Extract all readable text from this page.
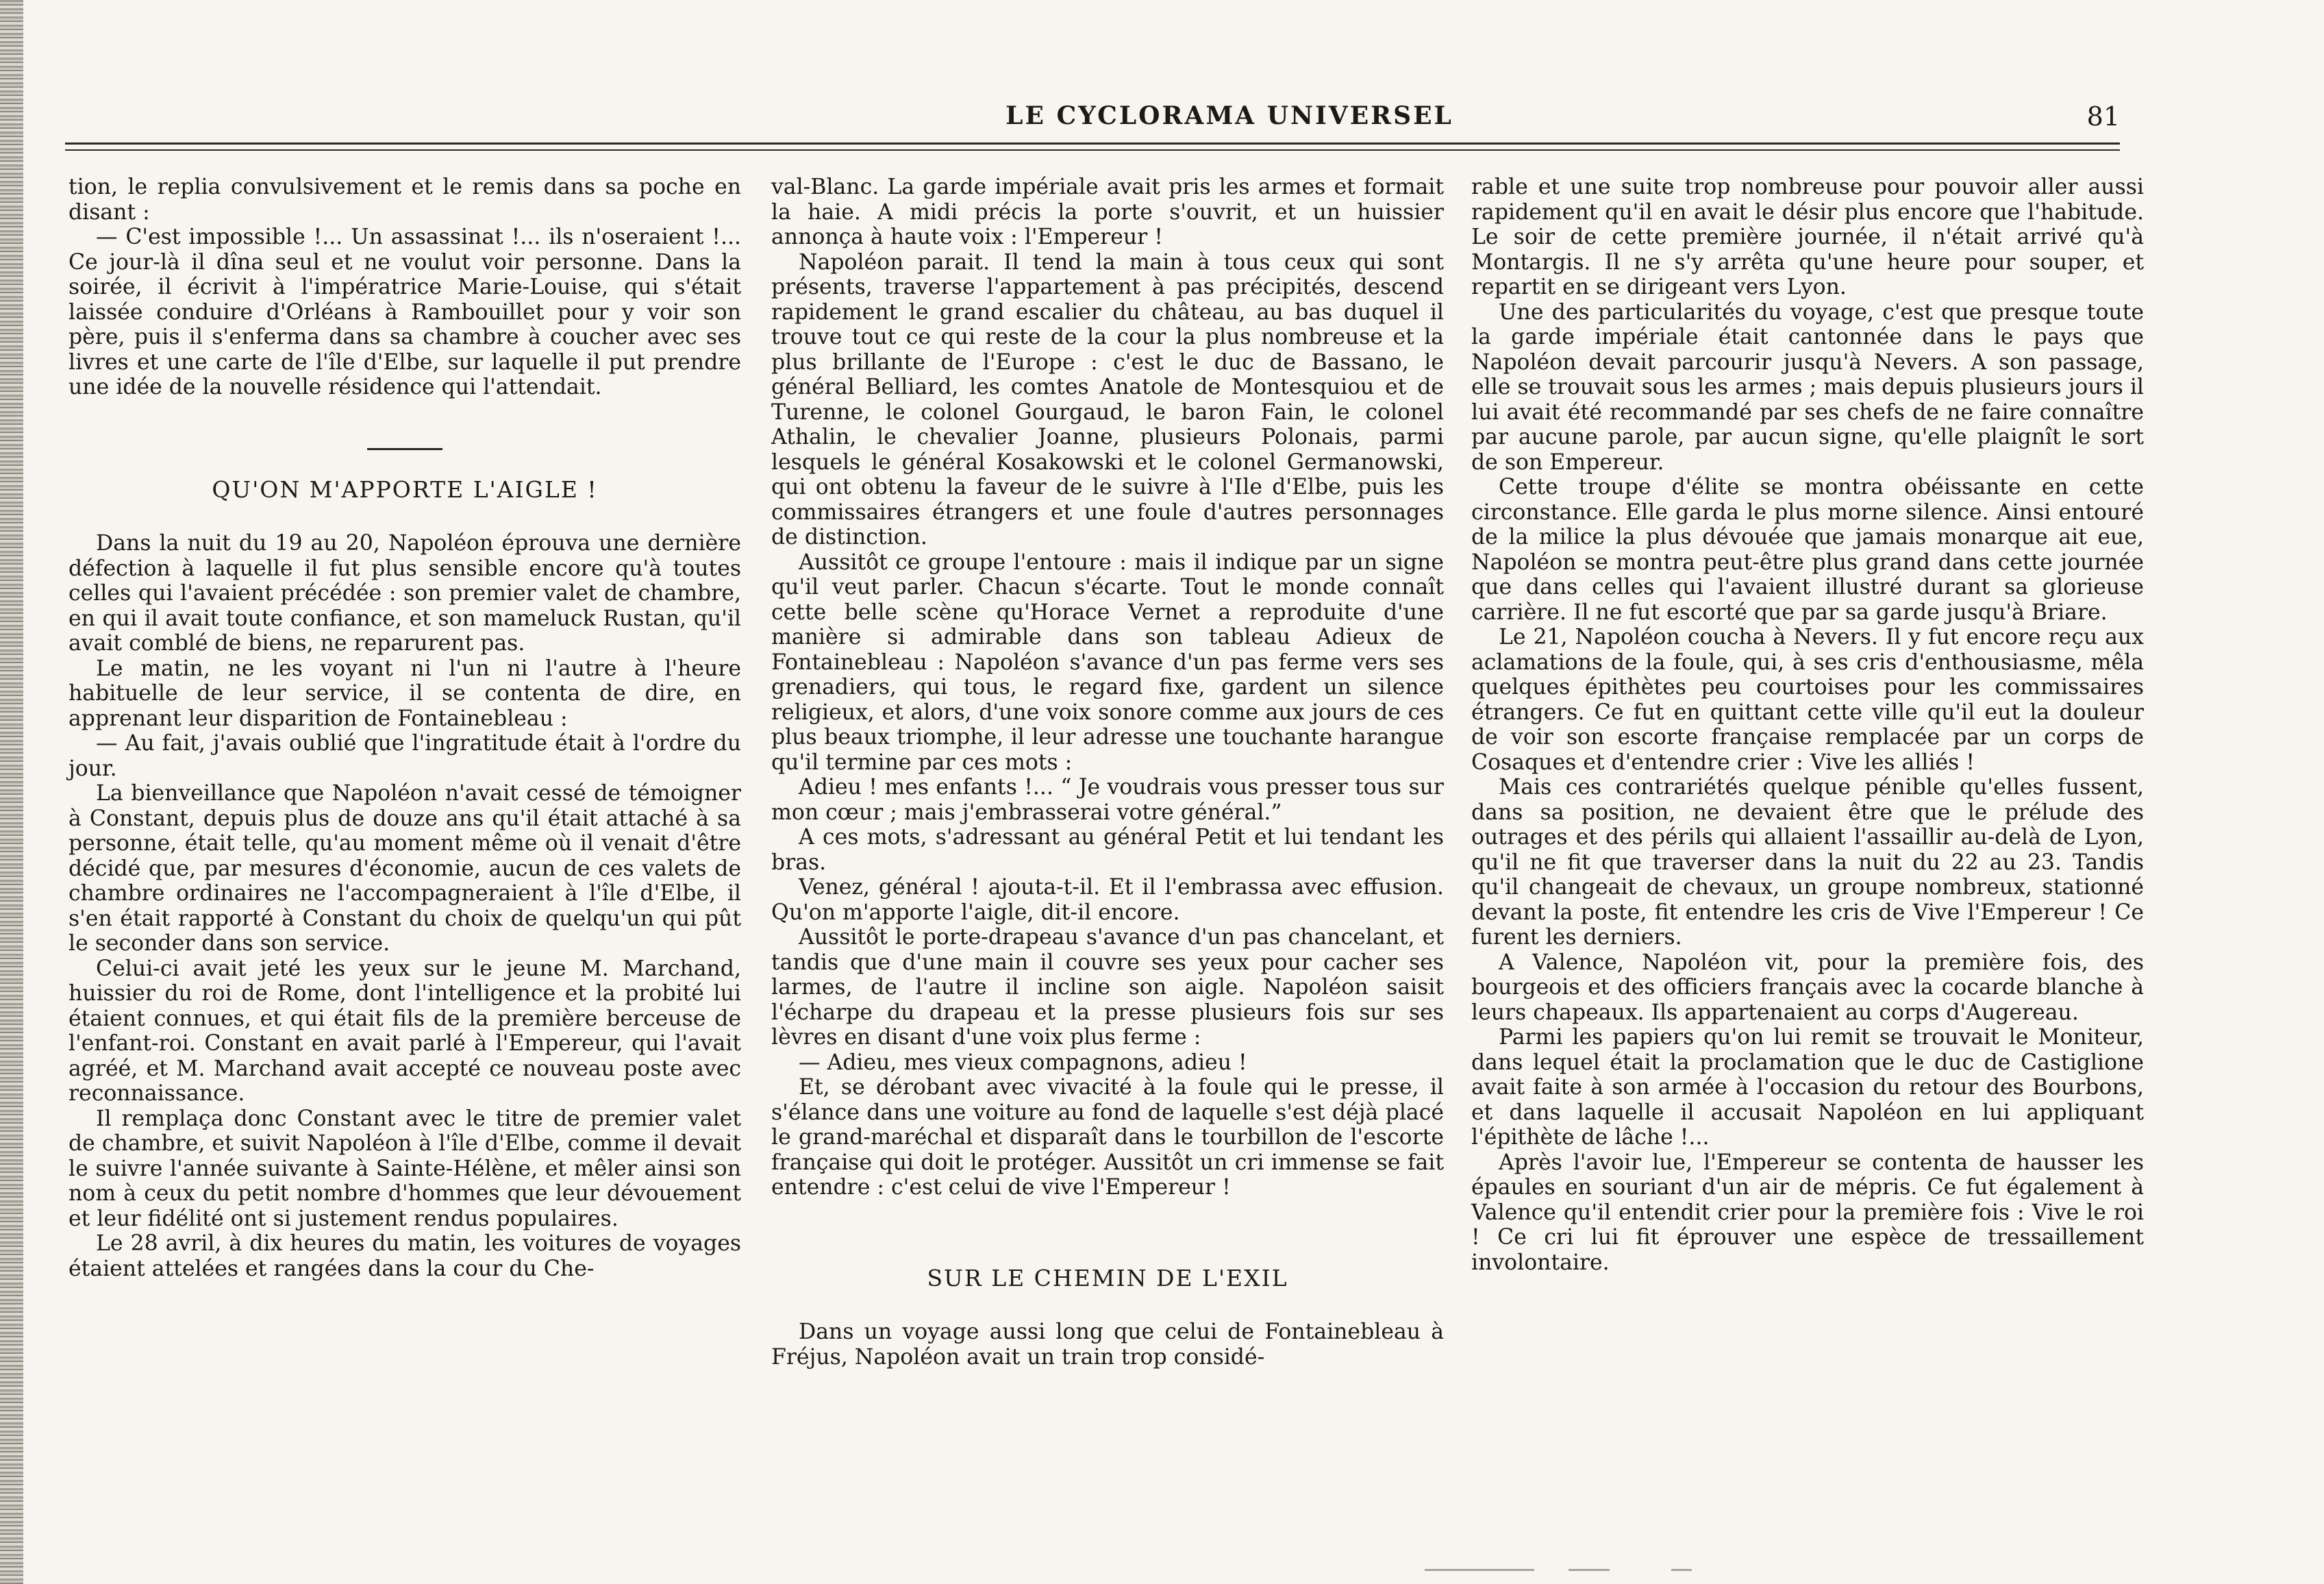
LE CYCLORAMA UNIVERSEL	81

tion, le replia convulsivement et le remis dans sa poche en disant :

— C'est impossible !... Un assassinat !... ils n'oseraient !... Ce jour-là il dîna seul et ne voulut voir personne. Dans la soirée, il écrivit à l'impératrice Marie-Louise, qui s'était laissée conduire d'Orléans à Rambouillet pour y voir son père, puis il s'enferma dans sa chambre à coucher avec ses livres et une carte de l'île d'Elbe, sur laquelle il put prendre une idée de la nouvelle résidence qui l'attendait.

QU'ON M'APPORTE L'AIGLE !

Dans la nuit du 19 au 20, Napoléon éprouva une dernière défection à laquelle il fut plus sensible encore qu'à toutes celles qui l'avaient précédée : son premier valet de chambre, en qui il avait toute confiance, et son mameluck Rustan, qu'il avait comblé de biens, ne reparurent pas.

Le matin, ne les voyant ni l'un ni l'autre à l'heure habituelle de leur service, il se contenta de dire, en apprenant leur disparition de Fontainebleau :

— Au fait, j'avais oublié que l'ingratitude était à l'ordre du jour.

La bienveillance que Napoléon n'avait cessé de témoigner à Constant, depuis plus de douze ans qu'il était attaché à sa personne, était telle, qu'au moment même où il venait d'être décidé que, par mesures d'économie, aucun de ces valets de chambre ordinaires ne l'accompagneraient à l'île d'Elbe, il s'en était rapporté à Constant du choix de quelqu'un qui pût le seconder dans son service.

Celui-ci avait jeté les yeux sur le jeune M. Marchand, huissier du roi de Rome, dont l'intelligence et la probité lui étaient connues, et qui était fils de la première berceuse de l'enfant-roi. Constant en avait parlé à l'Empereur, qui l'avait agréé, et M. Marchand avait accepté ce nouveau poste avec reconnaissance.

Il remplaça donc Constant avec le titre de premier valet de chambre, et suivit Napoléon à l'île d'Elbe, comme il devait le suivre l'année suivante à Sainte-Hélène, et mêler ainsi son nom à ceux du petit nombre d'hommes que leur dévouement et leur fidélité ont si justement rendus populaires.

Le 28 avril, à dix heures du matin, les voitures de voyages étaient attelées et rangées dans la cour du Che-

val-Blanc. La garde impériale avait pris les armes et formait la haie. A midi précis la porte s'ouvrit, et un huissier annonça à haute voix : l'Empereur !

Napoléon parait. Il tend la main à tous ceux qui sont présents, traverse l'appartement à pas précipités, descend rapidement le grand escalier du château, au bas duquel il trouve tout ce qui reste de la cour la plus nombreuse et la plus brillante de l'Europe : c'est le duc de Bassano, le général Belliard, les comtes Anatole de Montesquiou et de Turenne, le colonel Gourgaud, le baron Fain, le colonel Athalin, le chevalier Joanne, plusieurs Polonais, parmi lesquels le général Kosakowski et le colonel Germanowski, qui ont obtenu la faveur de le suivre à l'Ile d'Elbe, puis les commissaires étrangers et une foule d'autres personnages de distinction.

Aussitôt ce groupe l'entoure : mais il indique par un signe qu'il veut parler. Chacun s'écarte. Tout le monde connaît cette belle scène qu'Horace Vernet a reproduite d'une manière si admirable dans son tableau Adieux de Fontainebleau : Napoléon s'avance d'un pas ferme vers ses grenadiers, qui tous, le regard fixe, gardent un silence religieux, et alors, d'une voix sonore comme aux jours de ces plus beaux triomphe, il leur adresse une touchante harangue qu'il termine par ces mots :

Adieu ! mes enfants !... “ Je voudrais vous presser tous sur mon cœur ; mais j'embrasserai votre général.”

A ces mots, s'adressant au général Petit et lui tendant les bras.

Venez, général ! ajouta-t-il. Et il l'embrassa avec effusion. Qu'on m'apporte l'aigle, dit-il encore.

Aussitôt le porte-drapeau s'avance d'un pas chancelant, et tandis que d'une main il couvre ses yeux pour cacher ses larmes, de l'autre il incline son aigle. Napoléon saisit l'écharpe du drapeau et la presse plusieurs fois sur ses lèvres en disant d'une voix plus ferme :

— Adieu, mes vieux compagnons, adieu !

Et, se dérobant avec vivacité à la foule qui le presse, il s'élance dans une voiture au fond de laquelle s'est déjà placé le grand-maréchal et disparaît dans le tourbillon de l'escorte française qui doit le protéger. Aussitôt un cri immense se fait entendre : c'est celui de vive l'Empereur !

SUR LE CHEMIN DE L'EXIL

Dans un voyage aussi long que celui de Fontainebleau à Fréjus, Napoléon avait un train trop considé-

rable et une suite trop nombreuse pour pouvoir aller aussi rapidement qu'il en avait le désir plus encore que l'habitude. Le soir de cette première journée, il n'était arrivé qu'à Montargis. Il ne s'y arrêta qu'une heure pour souper, et repartit en se dirigeant vers Lyon.

Une des particularités du voyage, c'est que presque toute la garde impériale était cantonnée dans le pays que Napoléon devait parcourir jusqu'à Nevers. A son passage, elle se trouvait sous les armes ; mais depuis plusieurs jours il lui avait été recommandé par ses chefs de ne faire connaître par aucune parole, par aucun signe, qu'elle plaignît le sort de son Empereur.

Cette troupe d'élite se montra obéissante en cette circonstance. Elle garda le plus morne silence. Ainsi entouré de la milice la plus dévouée que jamais monarque ait eue, Napoléon se montra peut-être plus grand dans cette journée que dans celles qui l'avaient illustré durant sa glorieuse carrière. Il ne fut escorté que par sa garde jusqu'à Briare.

Le 21, Napoléon coucha à Nevers. Il y fut encore reçu aux aclamations de la foule, qui, à ses cris d'enthousiasme, mêla quelques épithètes peu courtoises pour les commissaires étrangers. Ce fut en quittant cette ville qu'il eut la douleur de voir son escorte française remplacée par un corps de Cosaques et d'entendre crier : Vive les alliés !

Mais ces contrariétés quelque pénible qu'elles fussent, dans sa position, ne devaient être que le prélude des outrages et des périls qui allaient l'assaillir au-delà de Lyon, qu'il ne fit que traverser dans la nuit du 22 au 23. Tandis qu'il changeait de chevaux, un groupe nombreux, stationné devant la poste, fit entendre les cris de Vive l'Empereur ! Ce furent les derniers.

A Valence, Napoléon vit, pour la première fois, des bourgeois et des officiers français avec la cocarde blanche à leurs chapeaux. Ils appartenaient au corps d'Augereau.

Parmi les papiers qu'on lui remit se trouvait le Moniteur, dans lequel était la proclamation que le duc de Castiglione avait faite à son armée à l'occasion du retour des Bourbons, et dans laquelle il accusait Napoléon en lui appliquant l'épithète de lâche !...

Après l'avoir lue, l'Empereur se contenta de hausser les épaules en souriant d'un air de mépris. Ce fut également à Valence qu'il entendit crier pour la première fois : Vive le roi ! Ce cri lui fit éprouver une espèce de tressaillement involontaire.
